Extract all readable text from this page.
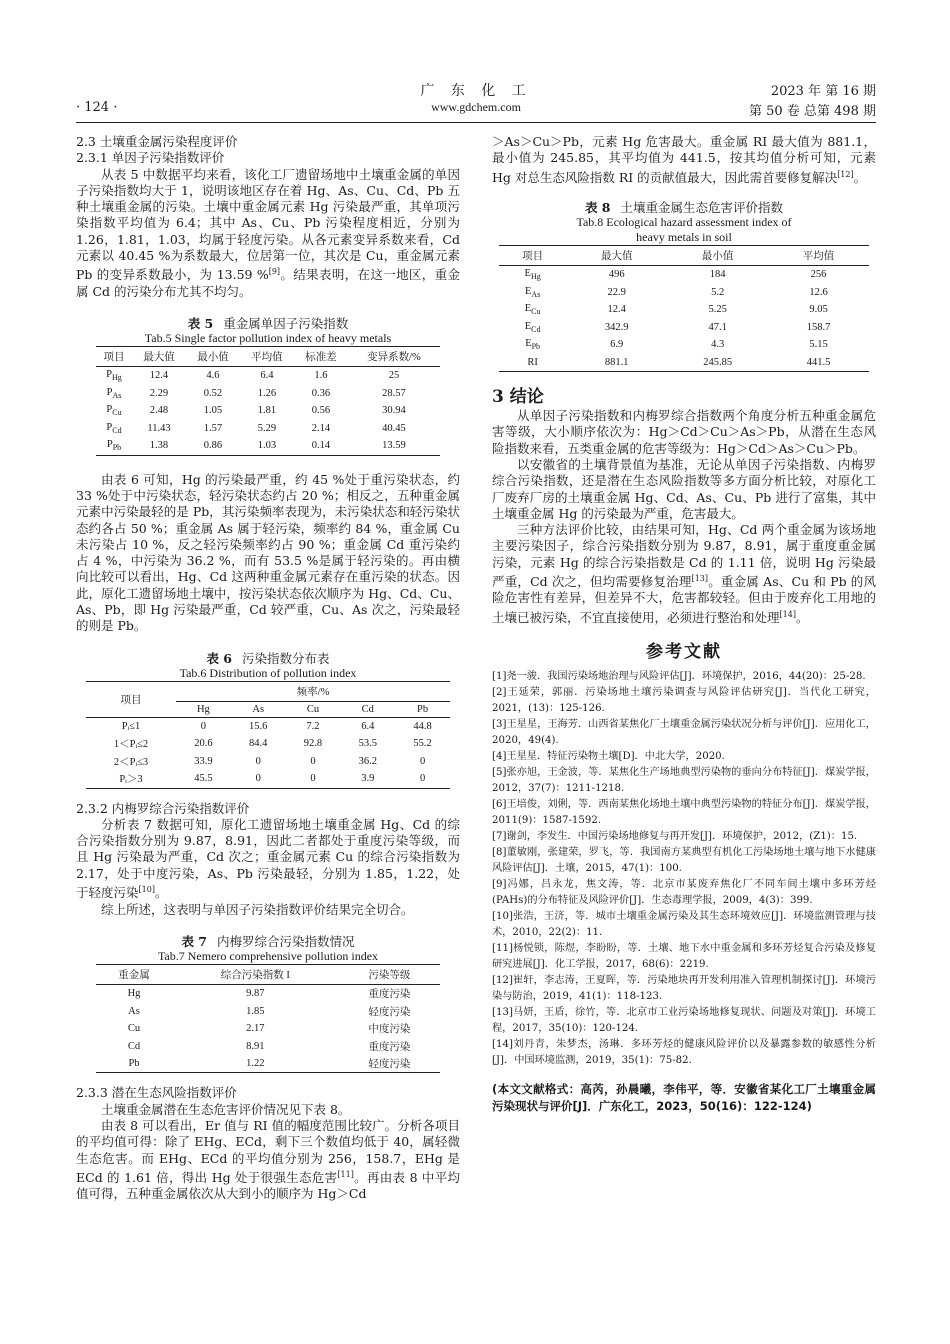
· 124 ·
广 东 化 工
www.gdchem.com
2023 年 第 16 期
第 50 卷 总第 498 期

2.3 土壤重金属污染程度评价

2.3.1 单因子污染指数评价

从表 5 中数据平均来看，该化工厂遗留场地中土壤重金属的单因子污染指数均大于 1，说明该地区存在着 Hg、As、Cu、Cd、Pb 五种土壤重金属的污染。土壤中重金属元素 Hg 污染最严重，其单项污染指数平均值为 6.4；其中 As、Cu、Pb 污染程度相近，分别为 1.26，1.81，1.03，均属于轻度污染。从各元素变异系数来看，Cd 元素以 40.45 %为系数最大，位居第一位，其次是 Cu，重金属元素 Pb 的变异系数最小，为 13.59 %[9]。结果表明，在这一地区，重金属 Cd 的污染分布尤其不均匀。

表 5 重金属单因子污染指数

Tab.5 Single factor pollution index of heavy metals

项目	最大值	最小值	平均值	标准差	变异系数/%
$P_{Hg}$	12.4	4.6	6.4	1.6	25
$P_{As}$	2.29	0.52	1.26	0.36	28.57
$P_{Cu}$	2.48	1.05	1.81	0.56	30.94
$P_{Cd}$	11.43	1.57	5.29	2.14	40.45
$P_{Pb}$	1.38	0.86	1.03	0.14	13.59

由表 6 可知，Hg 的污染最严重，约 45 %处于重污染状态，约 33 %处于中污染状态，轻污染状态约占 20 %；相反之，五种重金属元素中污染最轻的是 Pb，其污染频率表现为，未污染状态和轻污染状态约各占 50 %；重金属 As 属于轻污染，频率约 84 %，重金属 Cu 未污染占 10 %，反之轻污染频率约占 90 %；重金属 Cd 重污染约占 4 %，中污染为 36.2 %，而有 53.5 %是属于轻污染的。再由横向比较可以看出，Hg、Cd 这两种重金属元素存在重污染的状态。因此，原化工遗留场地土壤中，按污染状态依次顺序为 Hg、Cd、Cu、As、Pb，即 Hg 污染最严重，Cd 较严重，Cu、As 次之，污染最轻的则是 Pb。

表 6 污染指数分布表

Tab.6 Distribution of pollution index

项目	频率/%				
	Hg	As	Cu	Cd	Pb
Pᵢ≤1	0	15.6	7.2	6.4	44.8
1＜Pᵢ≤2	20.6	84.4	92.8	53.5	55.2
2＜Pᵢ≤3	33.9	0	0	36.2	0
Pᵢ＞3	45.5	0	0	3.9	0

2.3.2 内梅罗综合污染指数评价

分析表 7 数据可知，原化工遗留场地土壤重金属 Hg、Cd 的综合污染指数分别为 9.87，8.91，因此二者都处于重度污染等级，而且 Hg 污染最为严重，Cd 次之；重金属元素 Cu 的综合污染指数为 2.17，处于中度污染，As、Pb 污染最轻，分别为 1.85，1.22，处于轻度污染[10]。

综上所述，这表明与单因子污染指数评价结果完全切合。

表 7 内梅罗综合污染指数情况

Tab.7 Nemero comprehensive pollution index

重金属	综合污染指数 I	污染等级
Hg	9.87	重度污染
As	1.85	轻度污染
Cu	2.17	中度污染
Cd	8.91	重度污染
Pb	1.22	轻度污染

2.3.3 潜在生态风险指数评价

土壤重金属潜在生态危害评价情况见下表 8。

由表 8 可以看出，Er 值与 RI 值的幅度范围比较广。分析各项目的平均值可得：除了 EHg、ECd，剩下三个数值均低于 40，属轻微生态危害。而 EHg、ECd 的平均值分别为 256，158.7，EHg 是 ECd 的 1.61 倍，得出 Hg 处于很强生态危害[11]。再由表 8 中平均值可得，五种重金属依次从大到小的顺序为 Hg＞Cd

＞As＞Cu＞Pb，元素 Hg 危害最大。重金属 RI 最大值为 881.1，最小值为 245.85，其平均值为 441.5，按其均值分析可知，元素 Hg 对总生态风险指数 RI 的贡献值最大，因此需首要修复解决[12]。

表 8 土壤重金属生态危害评价指数

Tab.8 Ecological hazard assessment index of

heavy metals in soil

项目	最大值	最小值	平均值
$E_{Hg}$	496	184	256
$E_{As}$	22.9	5.2	12.6
$E_{Cu}$	12.4	5.25	9.05
$E_{Cd}$	342.9	47.1	158.7
$E_{Pb}$	6.9	4.3	5.15
RI	881.1	245.85	441.5

3 结论

从单因子污染指数和内梅罗综合指数两个角度分析五种重金属危害等级，大小顺序依次为：Hg＞Cd＞Cu＞As＞Pb，从潜在生态风险指数来看，五类重金属的危害等级为：Hg＞Cd＞As＞Cu＞Pb。

以安徽省的土壤背景值为基准，无论从单因子污染指数、内梅罗综合污染指数，还是潜在生态风险指数等多方面分析比较，对原化工厂废弃厂房的土壤重金属 Hg、Cd、As、Cu、Pb 进行了富集，其中土壤重金属 Hg 的污染最为严重，危害最大。

三种方法评价比较，由结果可知，Hg、Cd 两个重金属为该场地主要污染因子，综合污染指数分别为 9.87，8.91，属于重度重金属污染，元素 Hg 的综合污染指数是 Cd 的 1.11 倍，说明 Hg 污染最严重，Cd 次之，但均需要修复治理[13]。重金属 As、Cu 和 Pb 的风险危害性有差异，但差异不大，危害都较轻。但由于废弃化工用地的土壤已被污染，不宜直接使用，必须进行整治和处理[14]。

参考文献

[1]尧一骏．我国污染场地治理与风险评估[J]．环境保护，2016，44(20)：25-28.

[2]王延荣，郭丽．污染场地土壤污染调查与风险评估研究[J]．当代化工研究，2021，(13)：125-126.

[3]王星星，王海芳．山西省某焦化厂土壤重金属污染状况分析与评价[J]．应用化工，2020，49(4).

[4]王星星．特征污染物土壤[D]．中北大学，2020.

[5]张亦旭，王金波，等．某焦化生产场地典型污染物的垂向分布特征[J]．煤炭学报，2012，37(7)：1211-1218.

[6]王培俊，刘俐，等．西南某焦化场地土壤中典型污染物的特征分布[J]．煤炭学报，2011(9)：1587-1592.

[7]谢剑，李发生．中国污染场地修复与再开发[J]．环境保护，2012，(Z1)：15.

[8]董敏刚，张建荣，罗飞，等．我国南方某典型有机化工污染场地土壤与地下水健康风险评估[J]．土壤，2015，47(1)：100.

[9]冯娜，吕永龙，焦文涛，等．北京市某废弃焦化厂不同车间土壤中多环芳烃(PAHs)的分布特征及风险评价[J]．生态毒理学报，2009，4(3)：399.

[10]张浩，王济，等．城市土壤重金属污染及其生态环境效应[J]．环境监测管理与技术，2010，22(2)：11.

[11]杨悦锁，陈煜，李盼盼，等．土壤、地下水中重金属和多环芳烃复合污染及修复研究进展[J]．化工学报，2017，68(6)：2219.

[12]崔轩，李志涛，王夏晖，等．污染地块再开发利用准入管理机制探讨[J]．环境污染与防治，2019，41(1)：118-123.

[13]马妍，王盾，徐竹，等．北京市工业污染场地修复现状、问题及对策[J]．环境工程，2017，35(10)：120-124.

[14]刘丹青，朱梦杰，汤琳．多环芳烃的健康风险评价以及暴露参数的敏感性分析[J]．中国环境监测，2019，35(1)：75-82.

(本文文献格式：高芮，孙晨曦，李伟平，等．安徽省某化工厂土壤重金属污染现状与评价[J]．广东化工，2023，50(16)：122-124)
